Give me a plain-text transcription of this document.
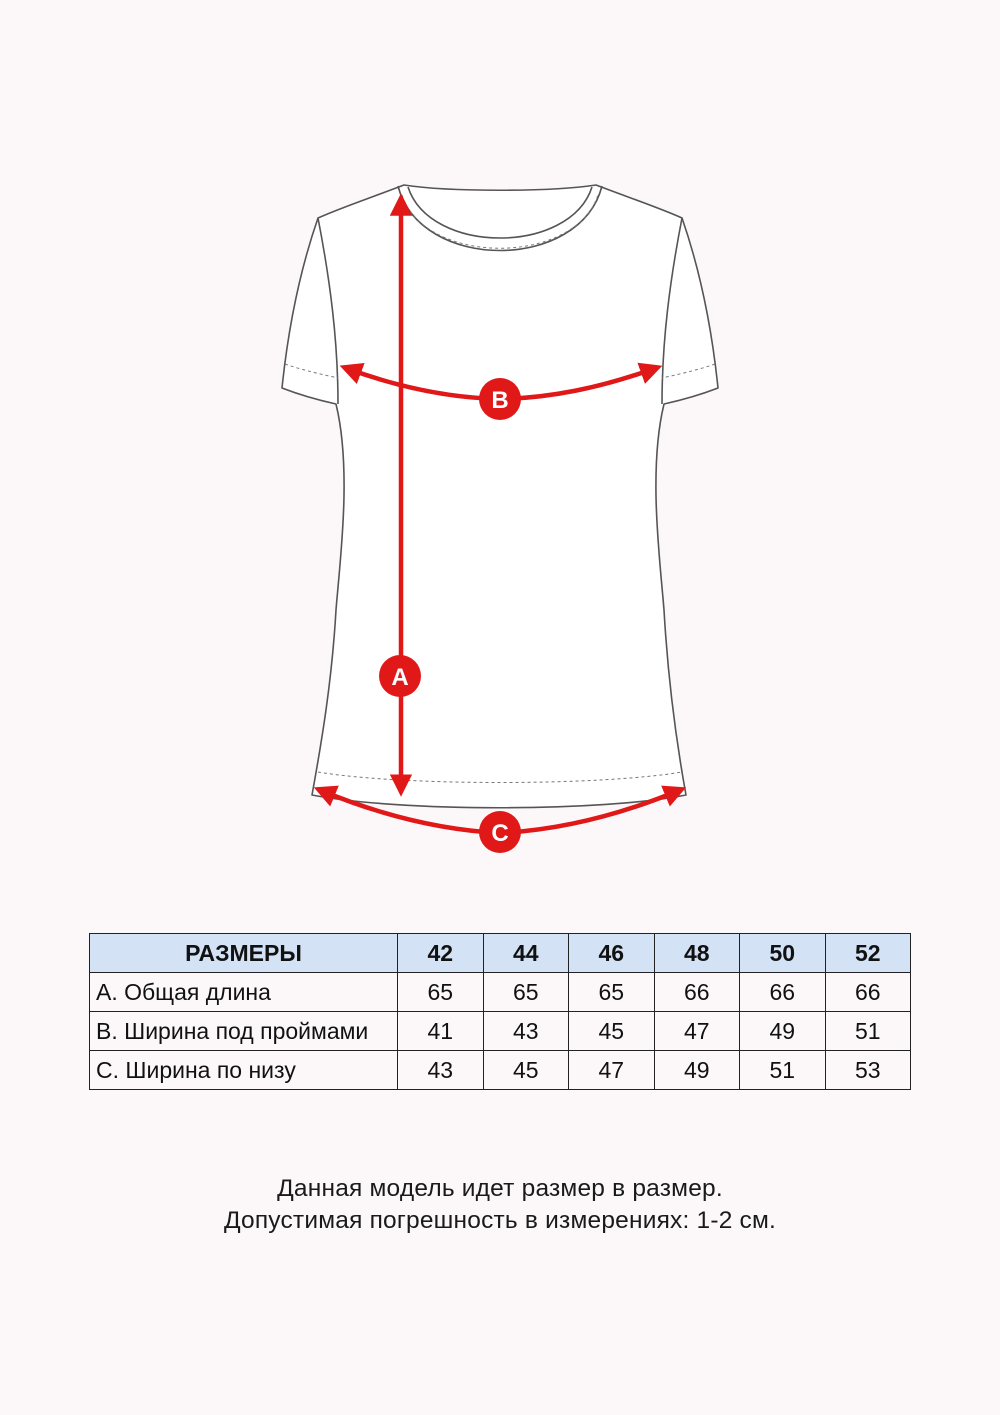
A
B
C
РАЗМЕРЫ	42	44	46	48	50	52
A. Общая длина	65	65	65	66	66	66
B. Ширина под проймами	41	43	45	47	49	51
C. Ширина по низу	43	45	47	49	51	53
Данная модель идет размер в размер.
Допустимая погрешность в измерениях: 1-2 см.
